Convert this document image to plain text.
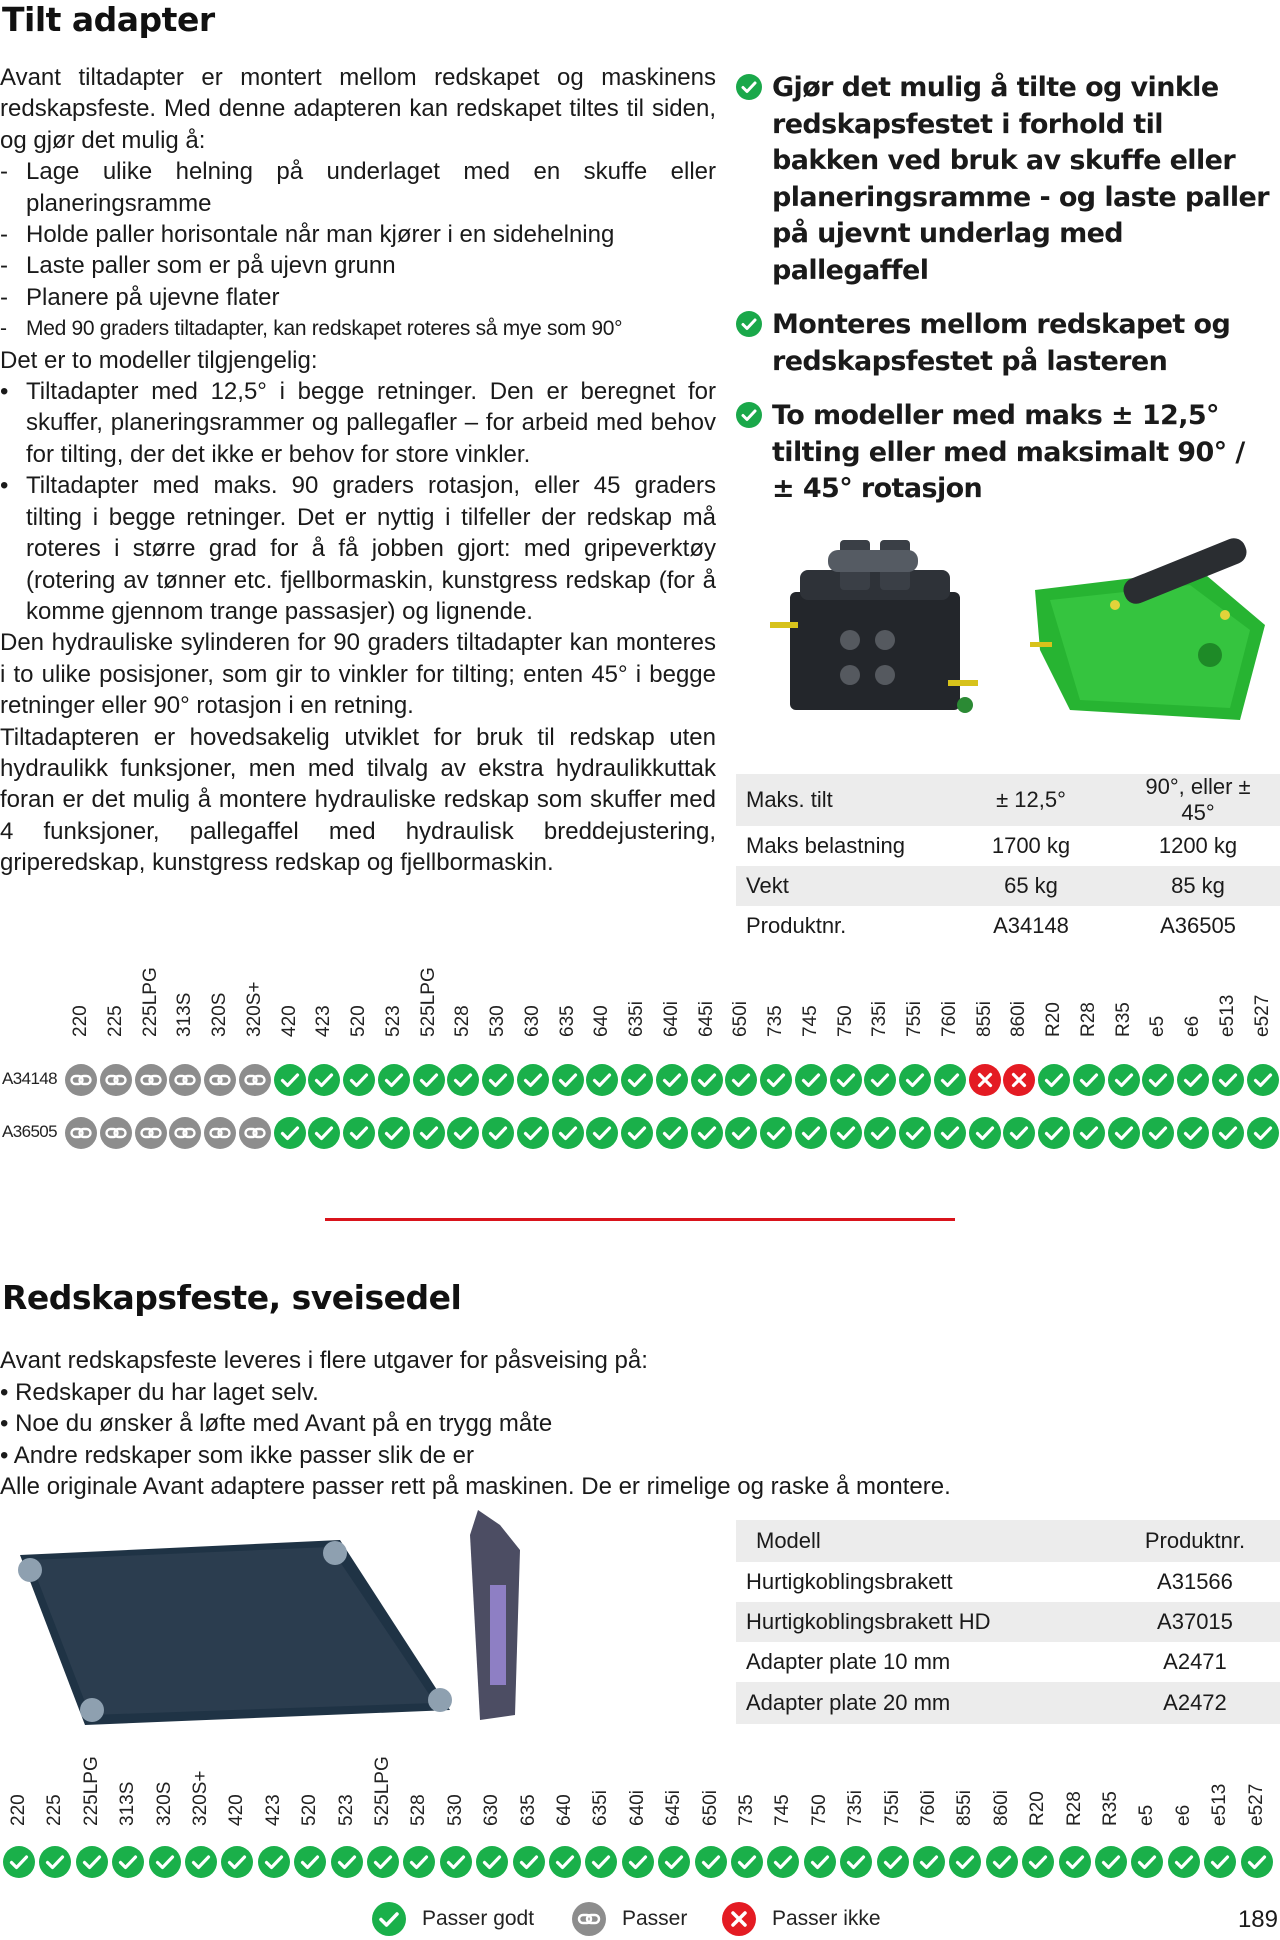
Tilt adapter

Avant tiltadapter er montert mellom redskapet og maskinens redskapsfeste. Med denne adapteren kan redskapet tiltes til siden, og gjør det mulig å:

- Lage ulike helning på underlaget med en skuffe eller planeringsramme

- Holde paller horisontale når man kjører i en sidehelning

- Laste paller som er på ujevn grunn

- Planere på ujevne flater

- Med 90 graders tiltadapter, kan redskapet roteres så mye som 90°

Det er to modeller tilgjengelig:

• Tiltadapter med 12,5° i begge retninger. Den er beregnet for skuffer, planeringsrammer og pallegafler – for arbeid med behov for tilting, der det ikke er behov for store vinkler.

• Tiltadapter med maks. 90 graders rotasjon, eller 45 graders tilting i begge retninger. Det er nyttig i tilfeller der redskap må roteres i større grad for å få jobben gjort: med gripeverktøy (rotering av tønner etc. fjellbormaskin, kunstgress redskap (for å komme gjennom trange passasjer) og lignende.

Den hydrauliske sylinderen for 90 graders tiltadapter kan monteres i to ulike posisjoner, som gir to vinkler for tilting; enten 45° i begge retninger eller 90° rotasjon i en retning.

Tiltadapteren er hovedsakelig utviklet for bruk til redskap uten hydraulikk funksjoner, men med tilvalg av ekstra hydraulikkuttak foran er det mulig å montere hydrauliske redskap som skuffer med 4 funksjoner, pallegaffel med hydraulisk breddejustering, griperedskap, kunstgress redskap og fjellbormaskin.

Gjør det mulig å tilte og vinkle redskapsfestet i forhold til bakken ved bruk av skuffe eller planeringsramme - og laste paller på ujevnt underlag med pallegaffel
Monteres mellom redskapet og redskapsfestet på lasteren
To modeller med maks ± 12,5° tilting eller med maksimalt 90° / ± 45° rotasjon
Maks. tilt	± 12,5°	90°, eller ± 45°
Maks belastning	1700 kg	1200 kg
Vekt	65 kg	85 kg
Produktnr.	A34148	A36505
220 225 225LPG 313S 320S 320S+ 420 423 520 523 525LPG 528 530 630 635 640 635i 640i 645i 650i 735 745 750 735i 755i 760i 855i 860i R20 R28 R35 e5 e6 e513 e527
A34148
A36505
Redskapsfeste, sveisedel
Avant redskapsfeste leveres i flere utgaver for påsveising på:
• Redskaper du har laget selv.
• Noe du ønsker å løfte med Avant på en trygg måte
• Andre redskaper som ikke passer slik de er
Alle originale Avant adaptere passer rett på maskinen. De er rimelige og raske å montere.
Modell	Produktnr.
Hurtigkoblingsbrakett	A31566
Hurtigkoblingsbrakett HD	A37015
Adapter plate 10 mm	A2471
Adapter plate 20 mm	A2472
220 225 225LPG 313S 320S 320S+ 420 423 520 523 525LPG 528 530 630 635 640 635i 640i 645i 650i 735 745 750 735i 755i 760i 855i 860i R20 R28 R35 e5 e6 e513 e527
Passer godt	Passer	Passer ikke	189
